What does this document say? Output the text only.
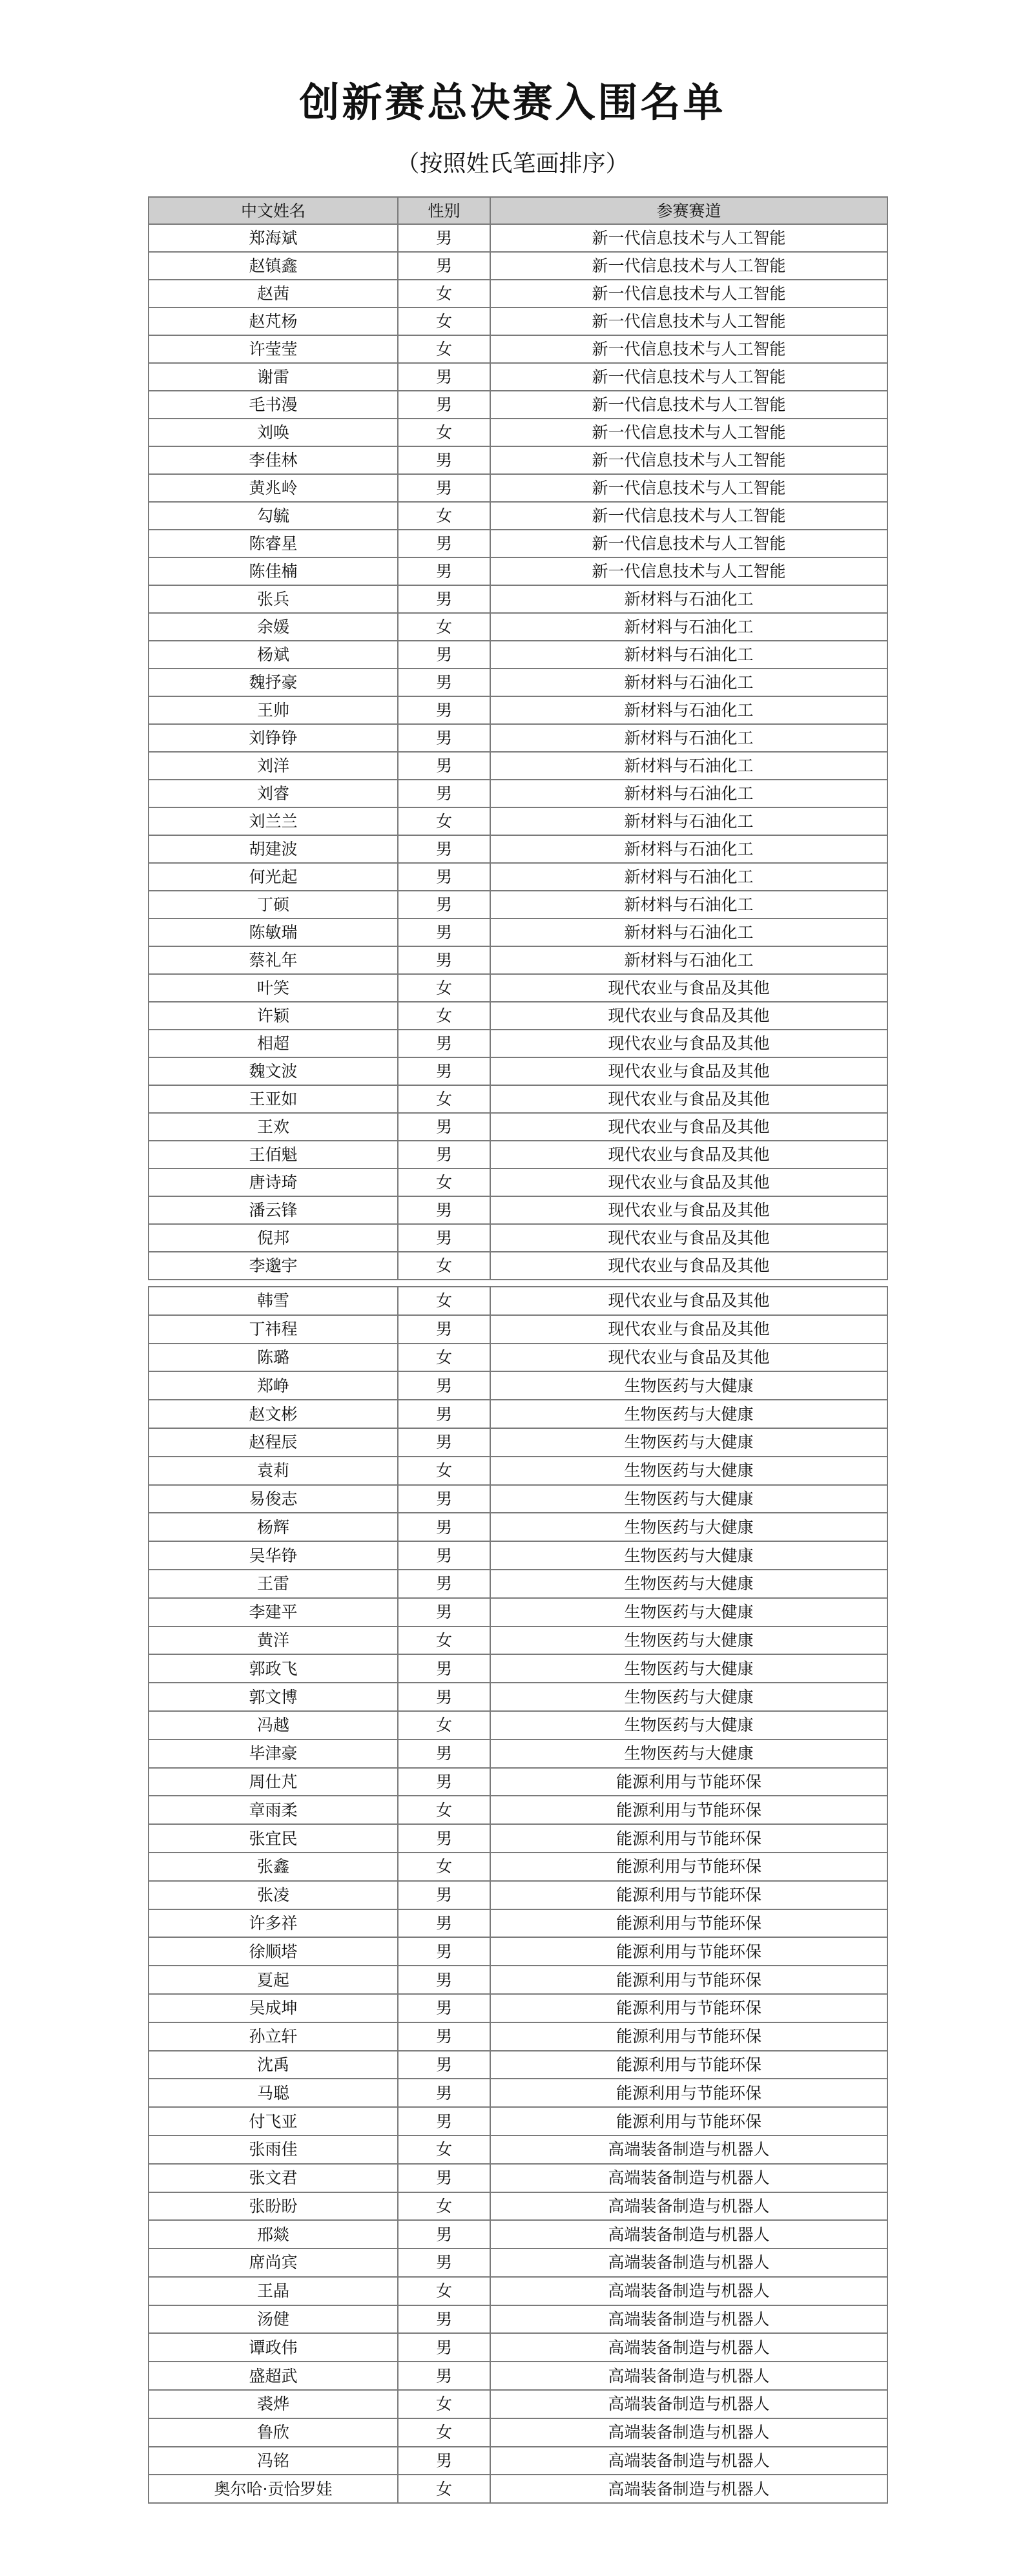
创新赛总决赛入围名单
（按照姓氏笔画排序）
中文姓名	性别	参赛赛道
郑海斌	男	新一代信息技术与人工智能
赵镇鑫	男	新一代信息技术与人工智能
赵茜	女	新一代信息技术与人工智能
赵芃杨	女	新一代信息技术与人工智能
许莹莹	女	新一代信息技术与人工智能
谢雷	男	新一代信息技术与人工智能
毛书漫	男	新一代信息技术与人工智能
刘唤	女	新一代信息技术与人工智能
李佳林	男	新一代信息技术与人工智能
黄兆岭	男	新一代信息技术与人工智能
勾毓	女	新一代信息技术与人工智能
陈睿星	男	新一代信息技术与人工智能
陈佳楠	男	新一代信息技术与人工智能
张兵	男	新材料与石油化工
余媛	女	新材料与石油化工
杨斌	男	新材料与石油化工
魏抒豪	男	新材料与石油化工
王帅	男	新材料与石油化工
刘铮铮	男	新材料与石油化工
刘洋	男	新材料与石油化工
刘睿	男	新材料与石油化工
刘兰兰	女	新材料与石油化工
胡建波	男	新材料与石油化工
何光起	男	新材料与石油化工
丁硕	男	新材料与石油化工
陈敏瑞	男	新材料与石油化工
蔡礼年	男	新材料与石油化工
叶笑	女	现代农业与食品及其他
许颖	女	现代农业与食品及其他
相超	男	现代农业与食品及其他
魏文波	男	现代农业与食品及其他
王亚如	女	现代农业与食品及其他
王欢	男	现代农业与食品及其他
王佰魁	男	现代农业与食品及其他
唐诗琦	女	现代农业与食品及其他
潘云锋	男	现代农业与食品及其他
倪邦	男	现代农业与食品及其他
李邈宇	女	现代农业与食品及其他
韩雪	女	现代农业与食品及其他
丁祎程	男	现代农业与食品及其他
陈璐	女	现代农业与食品及其他
郑峥	男	生物医药与大健康
赵文彬	男	生物医药与大健康
赵程辰	男	生物医药与大健康
袁莉	女	生物医药与大健康
易俊志	男	生物医药与大健康
杨辉	男	生物医药与大健康
吴华铮	男	生物医药与大健康
王雷	男	生物医药与大健康
李建平	男	生物医药与大健康
黄洋	女	生物医药与大健康
郭政飞	男	生物医药与大健康
郭文博	男	生物医药与大健康
冯越	女	生物医药与大健康
毕津豪	男	生物医药与大健康
周仕芃	男	能源利用与节能环保
章雨柔	女	能源利用与节能环保
张宜民	男	能源利用与节能环保
张鑫	女	能源利用与节能环保
张凌	男	能源利用与节能环保
许多祥	男	能源利用与节能环保
徐顺塔	男	能源利用与节能环保
夏起	男	能源利用与节能环保
吴成坤	男	能源利用与节能环保
孙立轩	男	能源利用与节能环保
沈禹	男	能源利用与节能环保
马聪	男	能源利用与节能环保
付飞亚	男	能源利用与节能环保
张雨佳	女	高端装备制造与机器人
张文君	男	高端装备制造与机器人
张盼盼	女	高端装备制造与机器人
邢燚	男	高端装备制造与机器人
席尚宾	男	高端装备制造与机器人
王晶	女	高端装备制造与机器人
汤健	男	高端装备制造与机器人
谭政伟	男	高端装备制造与机器人
盛超武	男	高端装备制造与机器人
裘烨	女	高端装备制造与机器人
鲁欣	女	高端装备制造与机器人
冯铭	男	高端装备制造与机器人
奥尔哈·贡恰罗娃	女	高端装备制造与机器人
